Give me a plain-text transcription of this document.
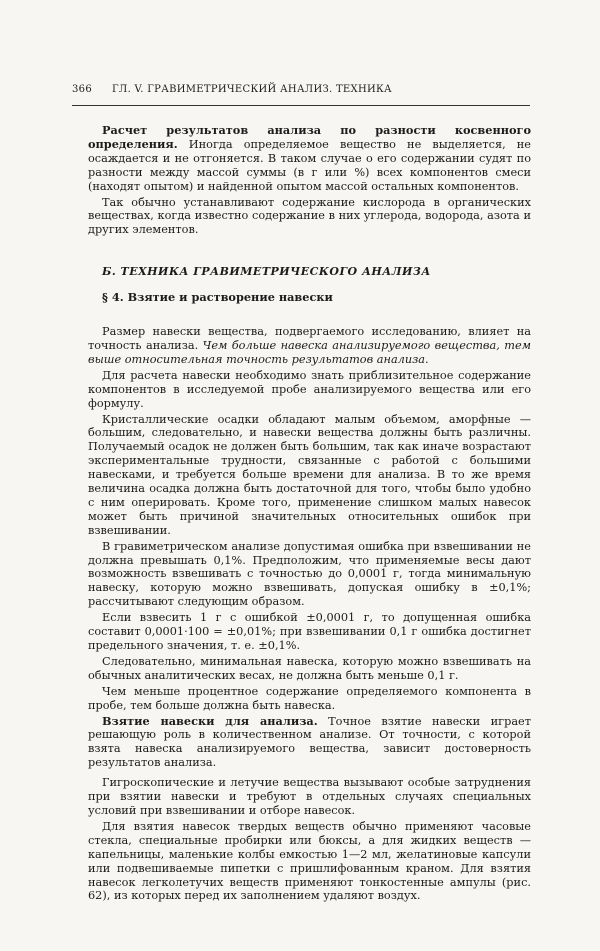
366 ГЛ. V. ГРАВИМЕТРИЧЕСКИЙ АНАЛИЗ. ТЕХНИКА

Расчет результатов анализа по разности косвенного определения. Иногда определяемое вещество не выделяется, не осаждается и не отгоняется. В таком случае о его содержании судят по разности между массой суммы (в г или %) всех компонентов смеси (находят опытом) и найденной опытом массой остальных компонентов.

Так обычно устанавливают содержание кислорода в органических веществах, когда известно содержание в них углерода, водорода, азота и других элементов.

Б. ТЕХНИКА ГРАВИМЕТРИЧЕСКОГО АНАЛИЗА
§ 4. Взятие и растворение навески

Размер навески вещества, подвергаемого исследованию, влияет на точность анализа. Чем больше навеска анализируемого вещества, тем выше относительная точность результатов анализа.

Для расчета навески необходимо знать приблизительное содержание компонентов в исследуемой пробе анализируемого вещества или его формулу.

Кристаллические осадки обладают малым объемом, аморфные — большим, следовательно, и навески вещества должны быть различны. Получаемый осадок не должен быть большим, так как иначе возрастают экспериментальные трудности, связанные с работой с большими навесками, и требуется больше времени для анализа. В то же время величина осадка должна быть достаточной для того, чтобы было удобно с ним оперировать. Кроме того, применение слишком малых навесок может быть причиной значительных относительных ошибок при взвешивании.

В гравиметрическом анализе допустимая ошибка при взвешивании не должна превышать 0,1%. Предположим, что применяемые весы дают возможность взвешивать с точностью до 0,0001 г, тогда минимальную навеску, которую можно взвешивать, допуская ошибку в ±0,1%; рассчитывают следующим образом.

Если взвесить 1 г с ошибкой ±0,0001 г, то допущенная ошибка составит 0,0001·100 = ±0,01%; при взвешивании 0,1 г ошибка достигнет предельного значения, т. е. ±0,1%.

Следовательно, минимальная навеска, которую можно взвешивать на обычных аналитических весах, не должна быть меньше 0,1 г.

Чем меньше процентное содержание определяемого компонента в пробе, тем больше должна быть навеска.

Взятие навески для анализа. Точное взятие навески играет решающую роль в количественном анализе. От точности, с которой взята навеска анализируемого вещества, зависит достоверность результатов анализа.

Гигроскопические и летучие вещества вызывают особые затруднения при взятии навески и требуют в отдельных случаях специальных условий при взвешивании и отборе навесок.

Для взятия навесок твердых веществ обычно применяют часовые стекла, специальные пробирки или бюксы, а для жидких веществ — капельницы, маленькие колбы емкостью 1—2 мл, желатиновые капсули или подвешиваемые пипетки с пришлифованным краном. Для взятия навесок легколетучих веществ применяют тонкостенные ампулы (рис. 62), из которых перед их заполнением удаляют воздух.
